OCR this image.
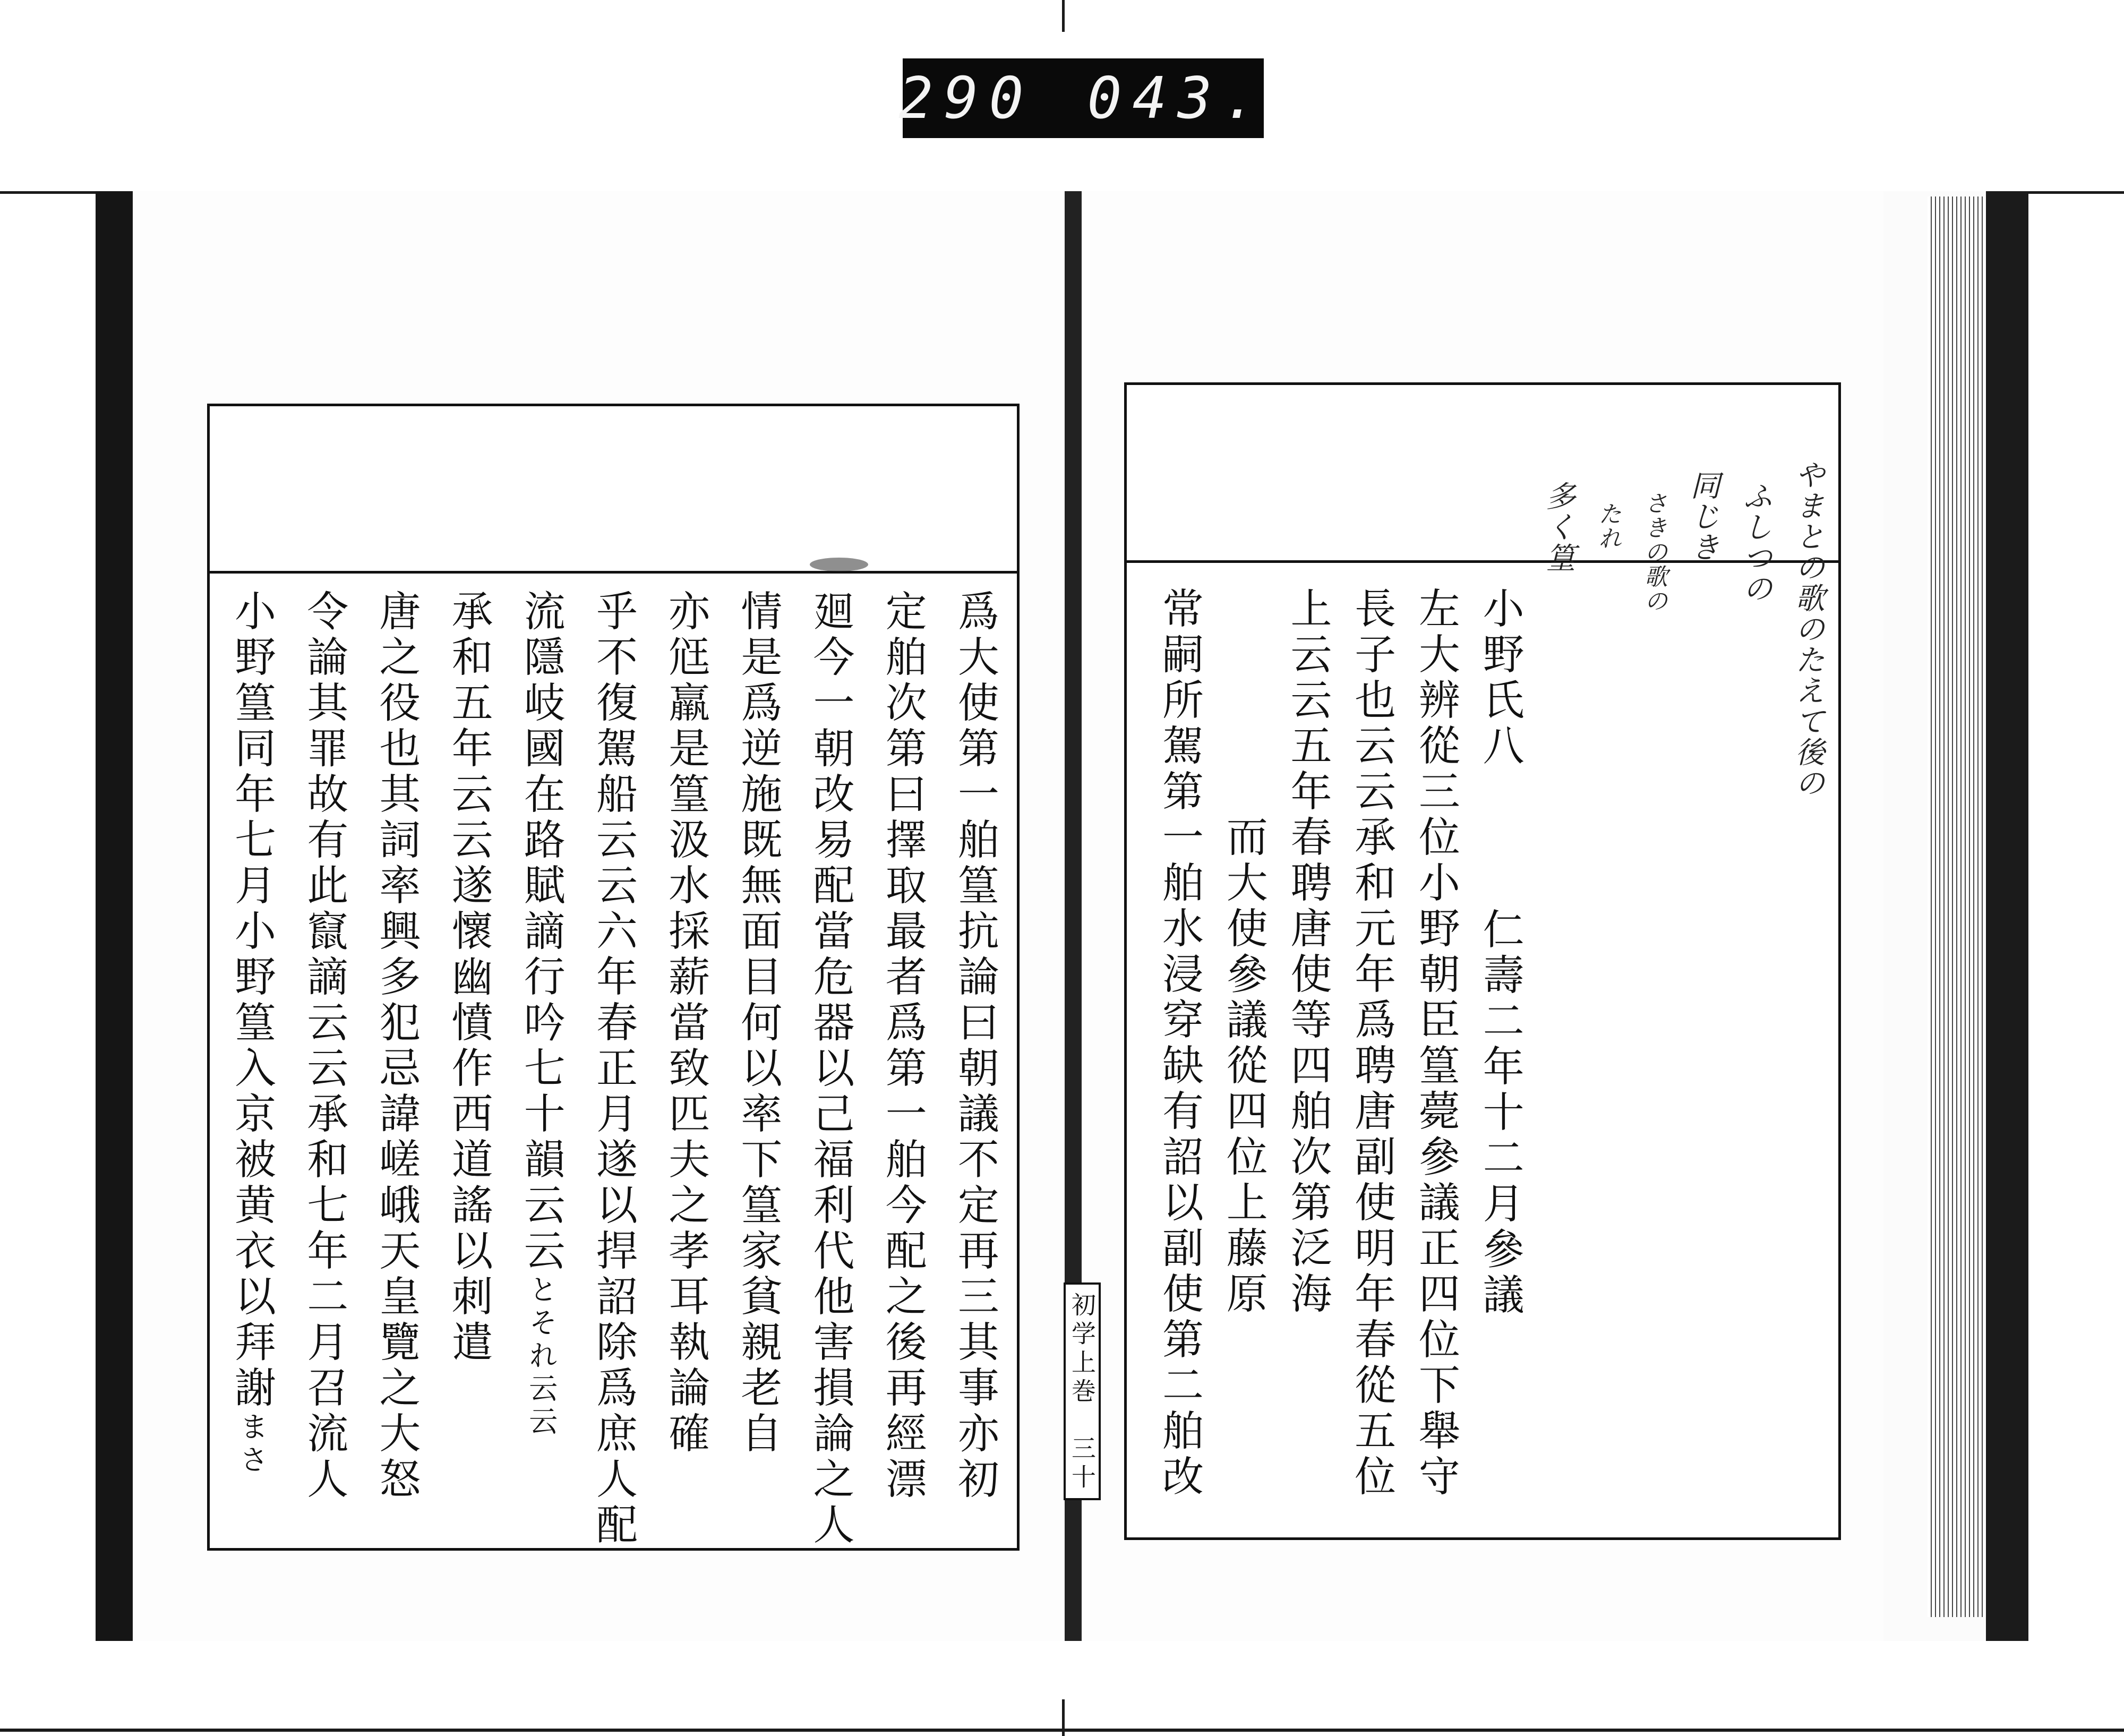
290 043.
爲大使第一舶篁抗論曰朝議不定再三其事亦初
定舶次第曰擇取最者爲第一舶今配之後再經漂
廻今一朝改易配當危器以己福利代他害損論之人
情是爲逆施既無面目何以率下篁家貧親老自
亦尩羸是篁汲水採薪當致匹夫之孝耳執論確
乎不復駕船云云六年春正月遂以捍詔除爲庶人配
流隱岐國在路賦謫行吟七十韻云云とそれ云云
承和五年云云遂懷幽憤作西道謠以刺遣
唐之役也其詞率興多犯忌諱嵯峨天皇覽之大怒
令論其罪故有此竄謫云云承和七年二月召流人
小野篁同年七月小野篁入京被黄衣以拜謝まさ
やまとの歌のたえて後の
ふしつの
同じき
さきの歌の
たれ
多く篁
小野氏八仁壽二年十二月參議
左大辨從三位小野朝臣篁薨參議正四位下舉守
長子也云云承和元年爲聘唐副使明年春從五位
上云云五年春聘唐使等四舶次第泛海
而大使參議從四位上藤原
常嗣所駕第一舶水浸穿缺有詔以副使第二舶改
初学上巻　三十
